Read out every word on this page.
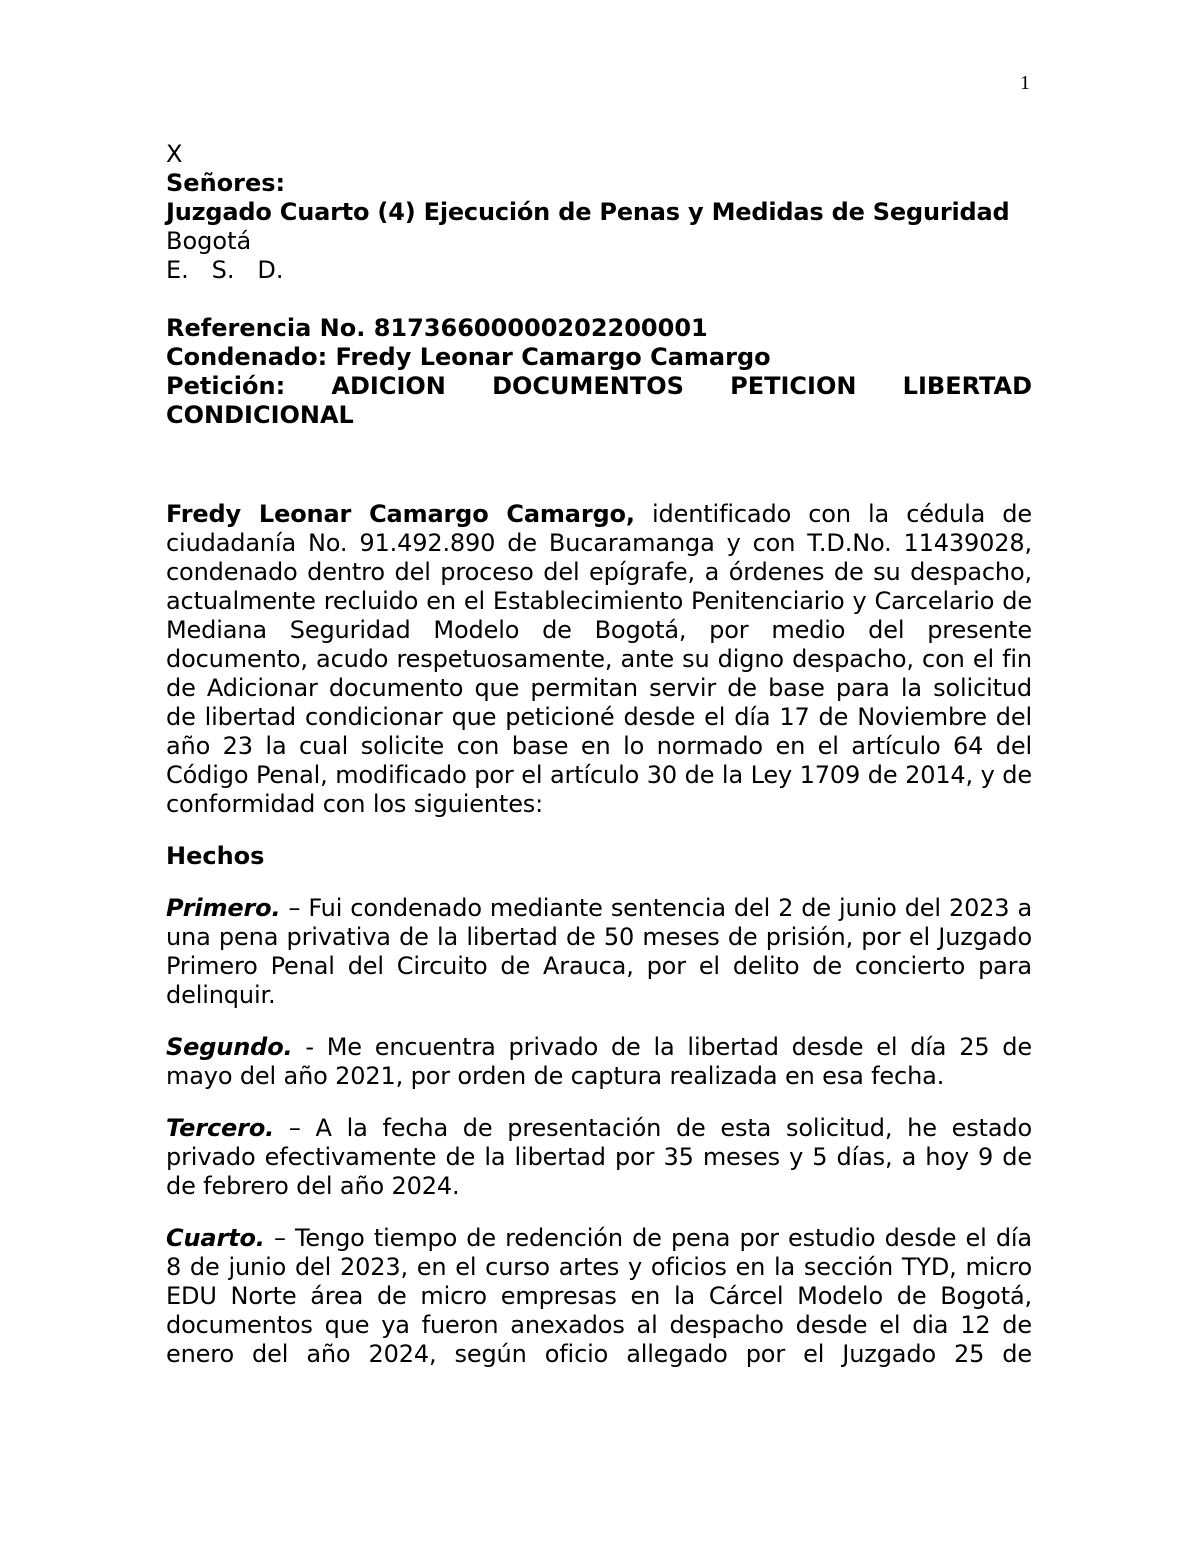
1
X
Señores:
Juzgado Cuarto (4) Ejecución de Penas y Medidas de Seguridad
Bogotá
E.   S.   D.
Referencia No. 81736600000202200001
Condenado: Fredy Leonar Camargo Camargo
Petición: ADICION DOCUMENTOS PETICION LIBERTAD
CONDICIONAL

Fredy Leonar Camargo Camargo, identificado con la cédula de ciudadanía No. 91.492.890 de Bucaramanga y con T.D.No. 11439028, condenado dentro del proceso del epígrafe, a órdenes de su despacho, actualmente recluido en el Establecimiento Penitenciario y Carcelario de Mediana Seguridad Modelo de Bogotá, por medio del presente documento, acudo respetuosamente, ante su digno despacho, con el fin de Adicionar documento que permitan servir de base para la solicitud de libertad condicionar que peticioné desde el día 17 de Noviembre del año 23 la cual solicite con base en lo normado en el artículo 64 del Código Penal, modificado por el artículo 30 de la Ley 1709 de 2014, y de conformidad con los siguientes:

Hechos

Primero. – Fui condenado mediante sentencia del 2 de junio del 2023 a una pena privativa de la libertad de 50 meses de prisión, por el Juzgado Primero Penal del Circuito de Arauca, por el delito de concierto para delinquir.

Segundo. - Me encuentra privado de la libertad desde el día 25 de mayo del año 2021, por orden de captura realizada en esa fecha.

Tercero. – A la fecha de presentación de esta solicitud, he estado privado efectivamente de la libertad por 35 meses y 5 días, a hoy 9 de de febrero del año 2024.

Cuarto. – Tengo tiempo de redención de pena por estudio desde el día 8 de junio del 2023, en el curso artes y oficios en la sección TYD, micro EDU Norte área de micro empresas en la Cárcel Modelo de Bogotá, documentos que ya fueron anexados al despacho desde el dia 12 de enero del año 2024, según oficio allegado por el Juzgado 25 de
